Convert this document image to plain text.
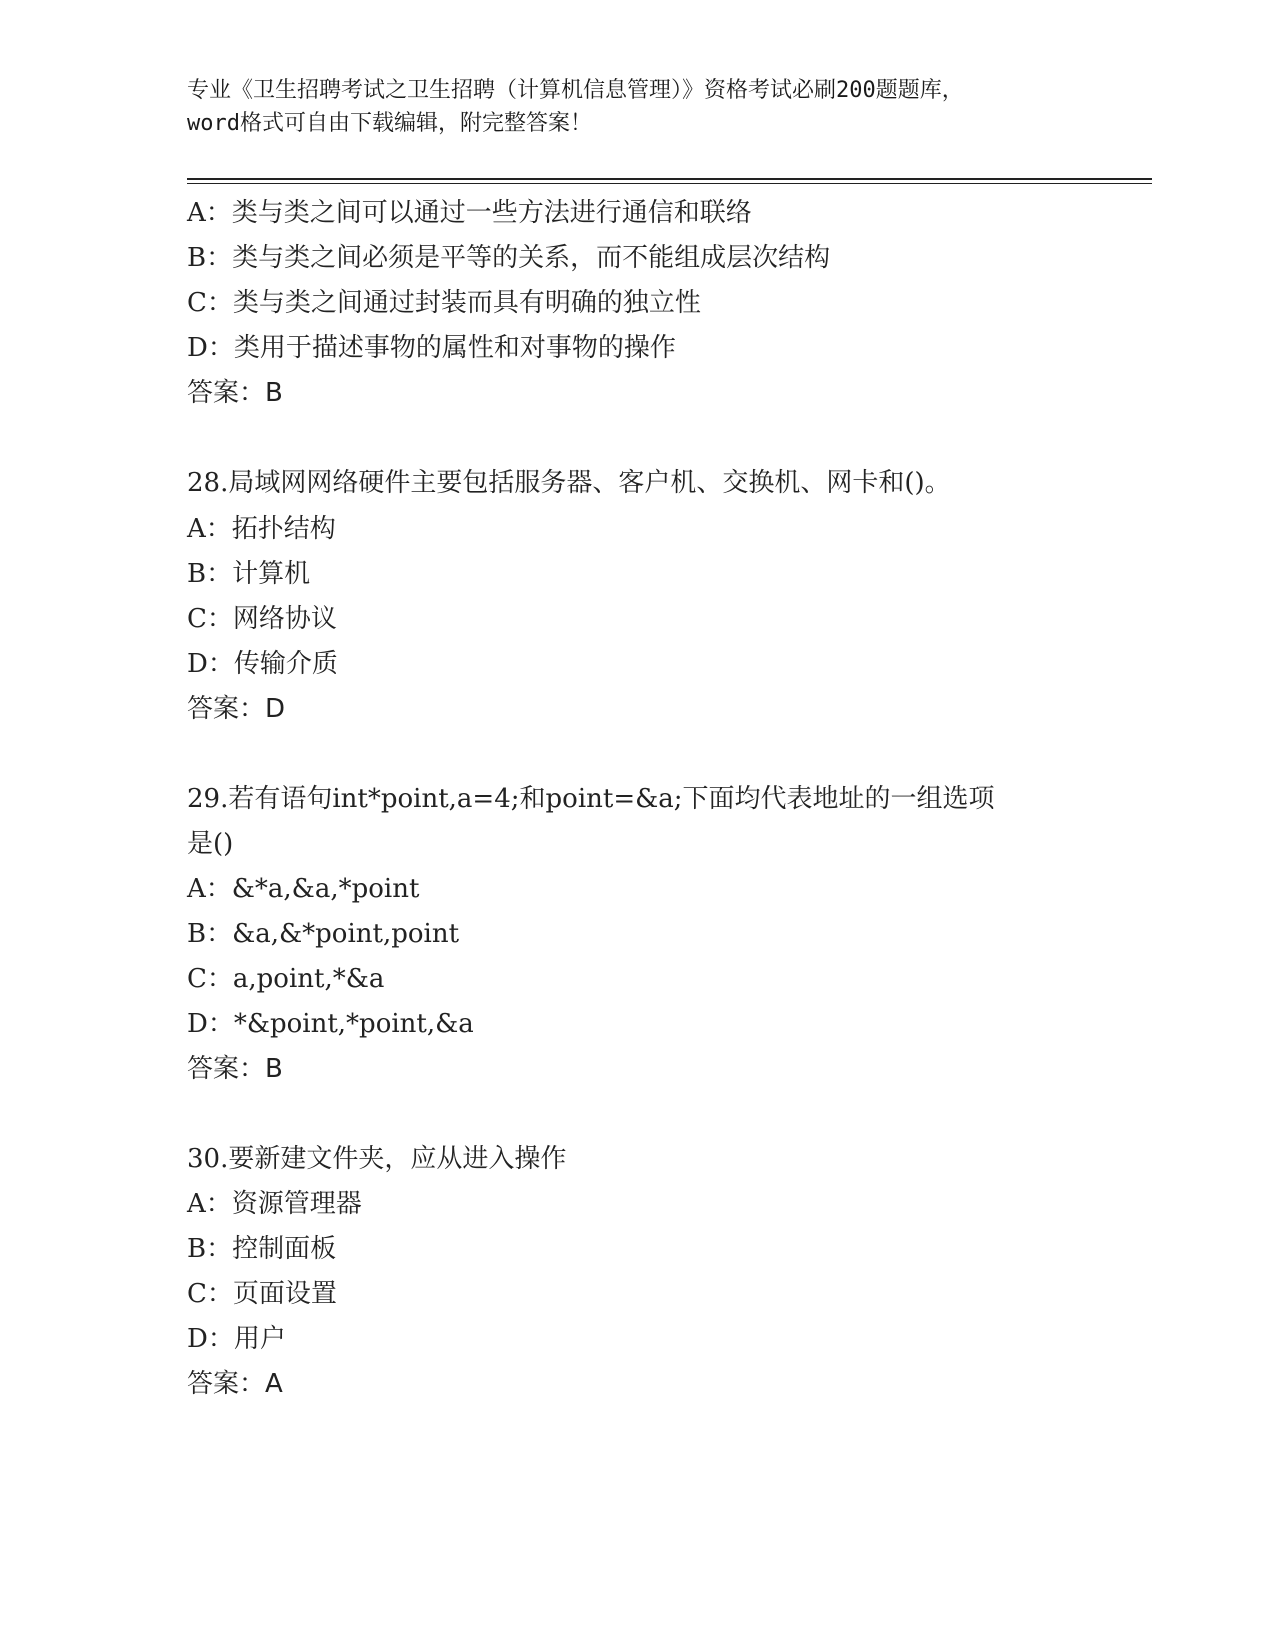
专业《卫生招聘考试之卫生招聘（计算机信息管理）》资格考试必刷200题题库，
word格式可自由下载编辑，附完整答案！
A：类与类之间可以通过一些方法进行通信和联络
B：类与类之间必须是平等的关系，而不能组成层次结构
C：类与类之间通过封装而具有明确的独立性
D：类用于描述事物的属性和对事物的操作
答案：B
28.局域网网络硬件主要包括服务器、客户机、交换机、网卡和()。
A：拓扑结构
B：计算机
C：网络协议
D：传输介质
答案：D
29.若有语句int*point,a=4;和point=&a;下面均代表地址的一组选项
是()
A：&*a,&a,*point
B：&a,&*point,point
C：a,point,*&a
D：*&point,*point,&a
答案：B
30.要新建文件夹，应从进入操作
A：资源管理器
B：控制面板
C：页面设置
D：用户
答案：A
